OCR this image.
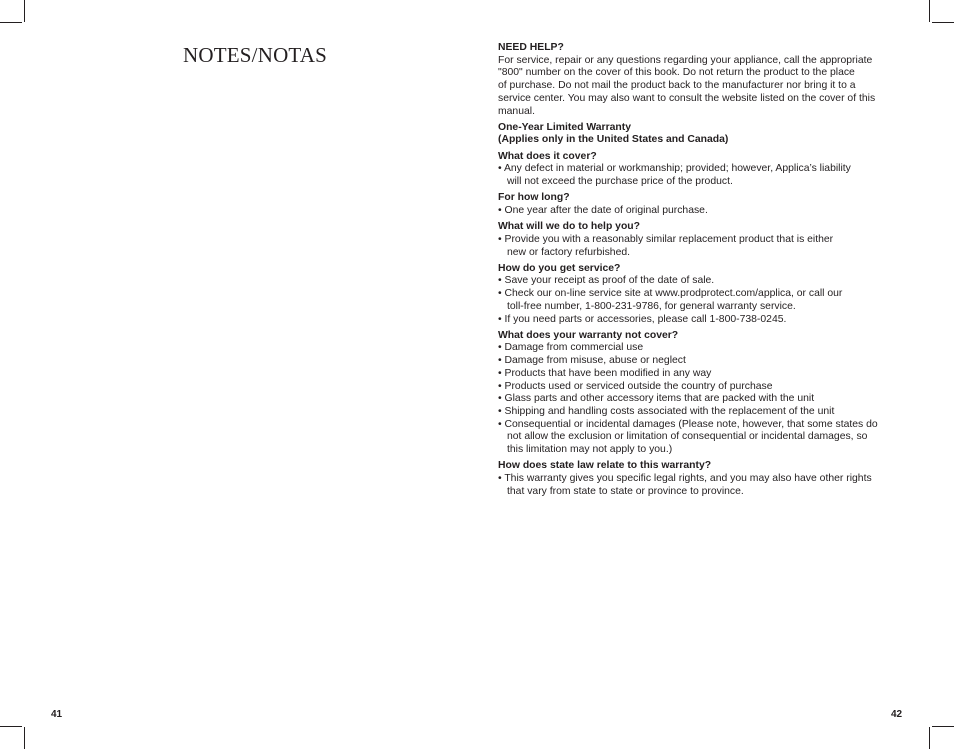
NOTES/NOTAS
41

NEED HELP?

For service, repair or any questions regarding your appliance, call the appropriate

"800" number on the cover of this book. Do not return the product to the place

of purchase. Do not mail the product back to the manufacturer nor bring it to a

service center. You may also want to consult the website listed on the cover of this

manual.

One-Year Limited Warranty

(Applies only in the United States and Canada)

What does it cover?

• Any defect in material or workmanship; provided; however, Applica’s liability

will not exceed the purchase price of the product.

For how long?

• One year after the date of original purchase.

What will we do to help you?

• Provide you with a reasonably similar replacement product that is either

new or factory refurbished.

How do you get service?

• Save your receipt as proof of the date of sale.

• Check our on-line service site at www.prodprotect.com/applica, or call our

toll-free number, 1-800-231-9786, for general warranty service.

• If you need parts or accessories, please call 1-800-738-0245.

What does your warranty not cover?

• Damage from commercial use

• Damage from misuse, abuse or neglect

• Products that have been modified in any way

• Products used or serviced outside the country of purchase

• Glass parts and other accessory items that are packed with the unit

• Shipping and handling costs associated with the replacement of the unit

• Consequential or incidental damages (Please note, however, that some states do

not allow the exclusion or limitation of consequential or incidental damages, so

this limitation may not apply to you.)

How does state law relate to this warranty?

• This warranty gives you specific legal rights, and you may also have other rights

that vary from state to state or province to province.

42
